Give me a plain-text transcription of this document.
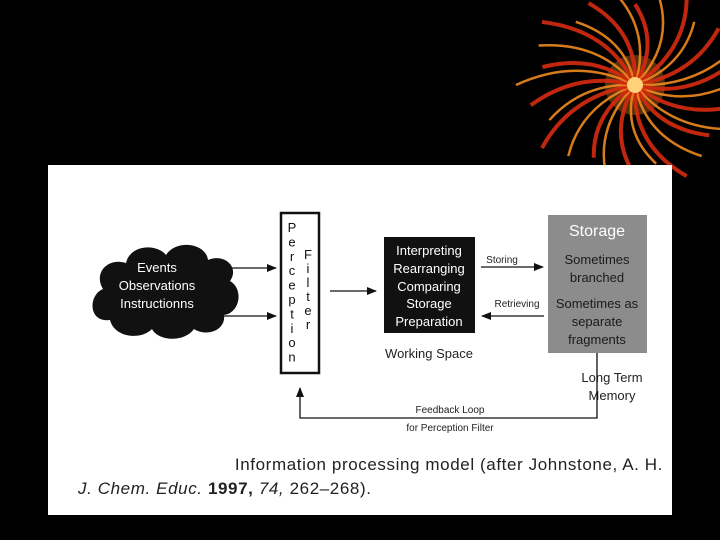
Events
Observations
Instructionns
P
e
r
c
e
p
t
i
o
n
F
i
l
t
e
r
Interpreting
Rearranging
Comparing
Storage
Preparation
Working Space
Storing
Retrieving
Storage
Sometimes
branched
Sometimes as
separate
fragments
Long Term
Memory
Feedback Loop
for Perception Filter
Information processing model (after Johnstone, A. H.
J. Chem. Educ. 1997, 74, 262–268).
